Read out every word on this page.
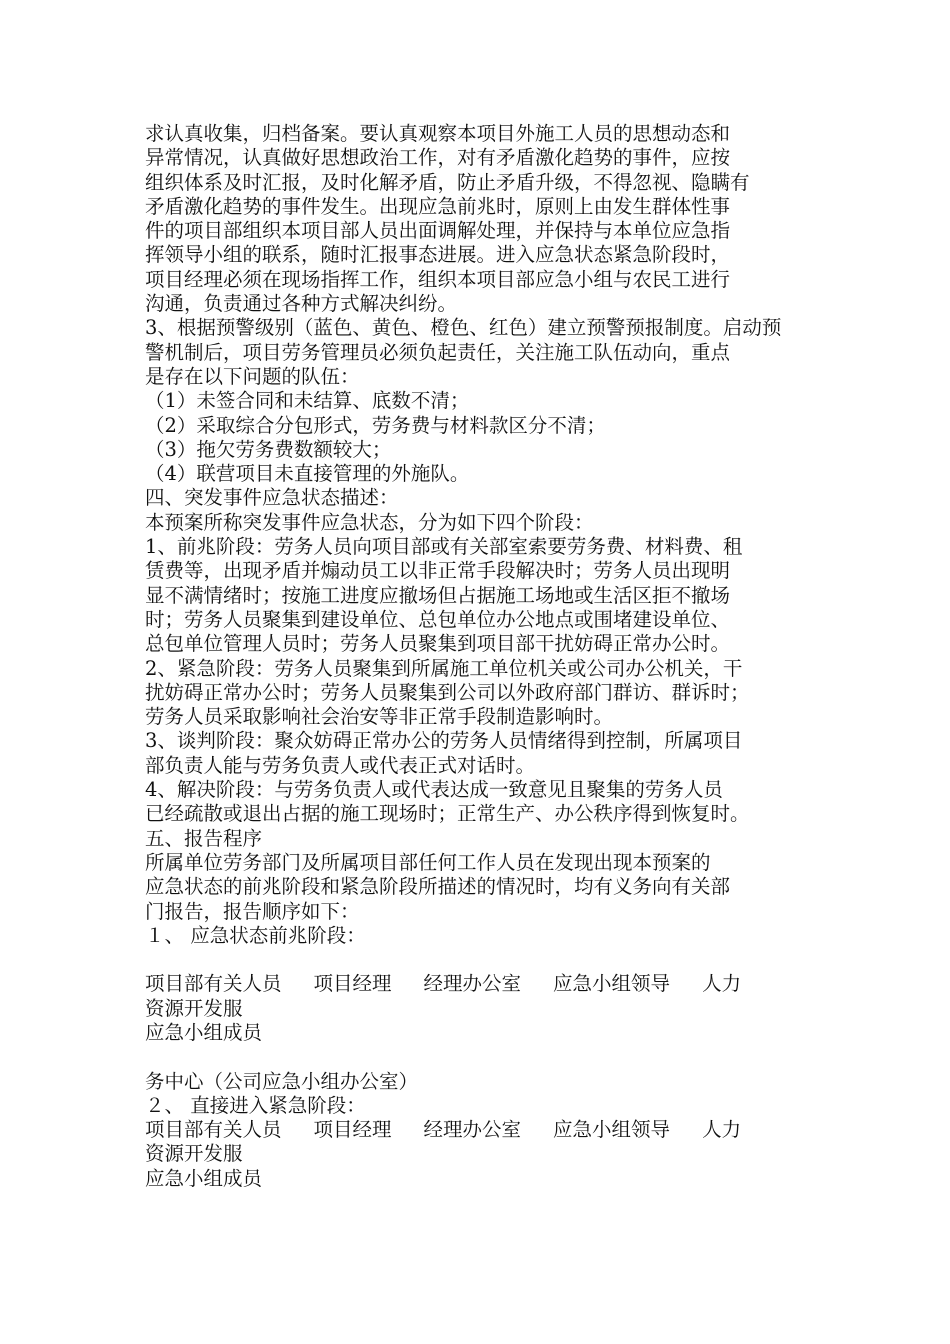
求认真收集，归档备案。要认真观察本项目外施工人员的思想动态和

异常情况，认真做好思想政治工作，对有矛盾激化趋势的事件，应按

组织体系及时汇报，及时化解矛盾，防止矛盾升级，不得忽视、隐瞒有

矛盾激化趋势的事件发生。出现应急前兆时，原则上由发生群体性事

件的项目部组织本项目部人员出面调解处理，并保持与本单位应急指

挥领导小组的联系，随时汇报事态进展。进入应急状态紧急阶段时，

项目经理必须在现场指挥工作，组织本项目部应急小组与农民工进行

沟通，负责通过各种方式解决纠纷。

3、根据预警级别（蓝色、黄色、橙色、红色）建立预警预报制度。启动预

警机制后，项目劳务管理员必须负起责任，关注施工队伍动向，重点

是存在以下问题的队伍：

（1）未签合同和未结算、底数不清；

（2）采取综合分包形式，劳务费与材料款区分不清；

（3）拖欠劳务费数额较大；

（4）联营项目未直接管理的外施队。

四、突发事件应急状态描述：

本预案所称突发事件应急状态，分为如下四个阶段：

1、前兆阶段：劳务人员向项目部或有关部室索要劳务费、材料费、租

赁费等，出现矛盾并煽动员工以非正常手段解决时；劳务人员出现明

显不满情绪时；按施工进度应撤场但占据施工场地或生活区拒不撤场

时；劳务人员聚集到建设单位、总包单位办公地点或围堵建设单位、

总包单位管理人员时；劳务人员聚集到项目部干扰妨碍正常办公时。

2、紧急阶段：劳务人员聚集到所属施工单位机关或公司办公机关，干

扰妨碍正常办公时；劳务人员聚集到公司以外政府部门群访、群诉时；

劳务人员采取影响社会治安等非正常手段制造影响时。

3、谈判阶段：聚众妨碍正常办公的劳务人员情绪得到控制，所属项目

部负责人能与劳务负责人或代表正式对话时。

4、解决阶段：与劳务负责人或代表达成一致意见且聚集的劳务人员

已经疏散或退出占据的施工现场时；正常生产、办公秩序得到恢复时。

五、报告程序

所属单位劳务部门及所属项目部任何工作人员在发现出现本预案的

应急状态的前兆阶段和紧急阶段所描述的情况时，均有义务向有关部

门报告，报告顺序如下：

１、 应急状态前兆阶段：

项目部有关人员 项目经理 经理办公室 应急小组领导 人力

资源开发服

应急小组成员

务中心（公司应急小组办公室）

２、 直接进入紧急阶段：

项目部有关人员 项目经理 经理办公室 应急小组领导 人力

资源开发服

应急小组成员
